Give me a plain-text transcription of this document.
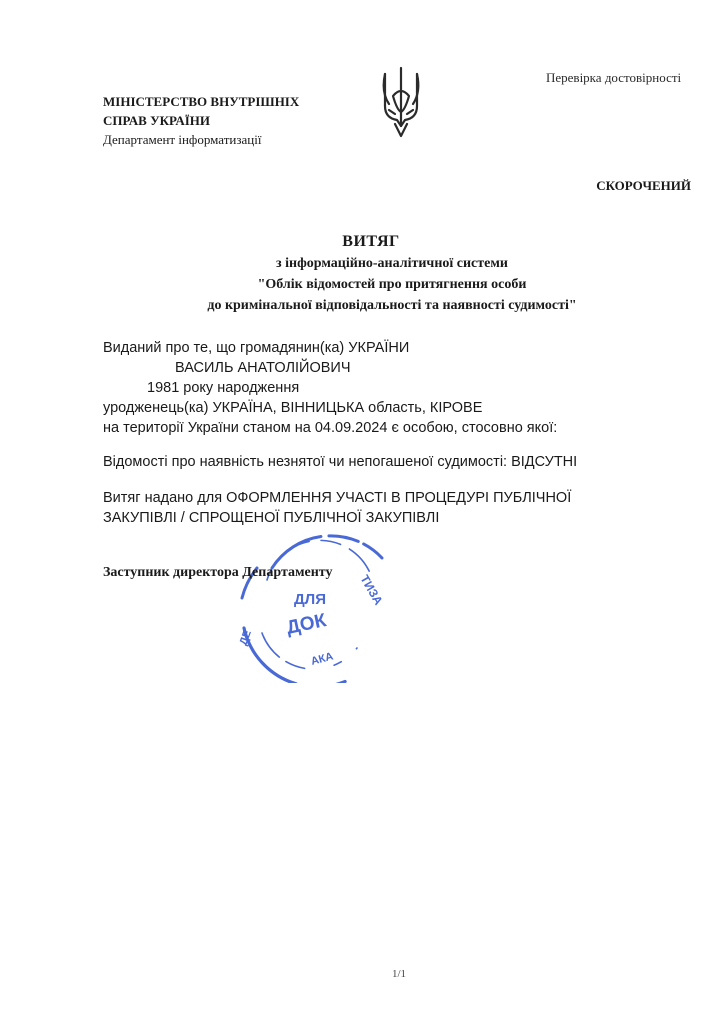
Перевірка достовірності
МІНІСТЕРСТВО ВНУТРІШНІХ
СПРАВ УКРАЇНИ
Департамент інформатизації
СКОРОЧЕНИЙ
ВИТЯГ
з інформаційно-аналітичної системи
"Облік відомостей про притягнення особи
до кримінальної відповідальності та наявності судимості"
Виданий про те, що громадянин(ка) УКРАЇНИ
ВАСИЛЬ АНАТОЛІЙОВИЧ
1981 року народження
уродженець(ка) УКРАЇНА, ВІННИЦЬКА область, КІРОВЕ
на території України станом на 04.09.2024 є особою, стосовно якої:
Відомості про наявність незнятої чи непогашеної судимості: ВІДСУТНІ
Витяг надано для ОФОРМЛЕННЯ УЧАСТІ В ПРОЦЕДУРІ ПУБЛІЧНОЇ
ЗАКУПІВЛІ / СПРОЩЕНОЇ ПУБЛІЧНОЇ ЗАКУПІВЛІ
ТИЗА
ДЕ
ДЛЯ
ДОК
АКА
Заступник директора Департаменту
1/1
